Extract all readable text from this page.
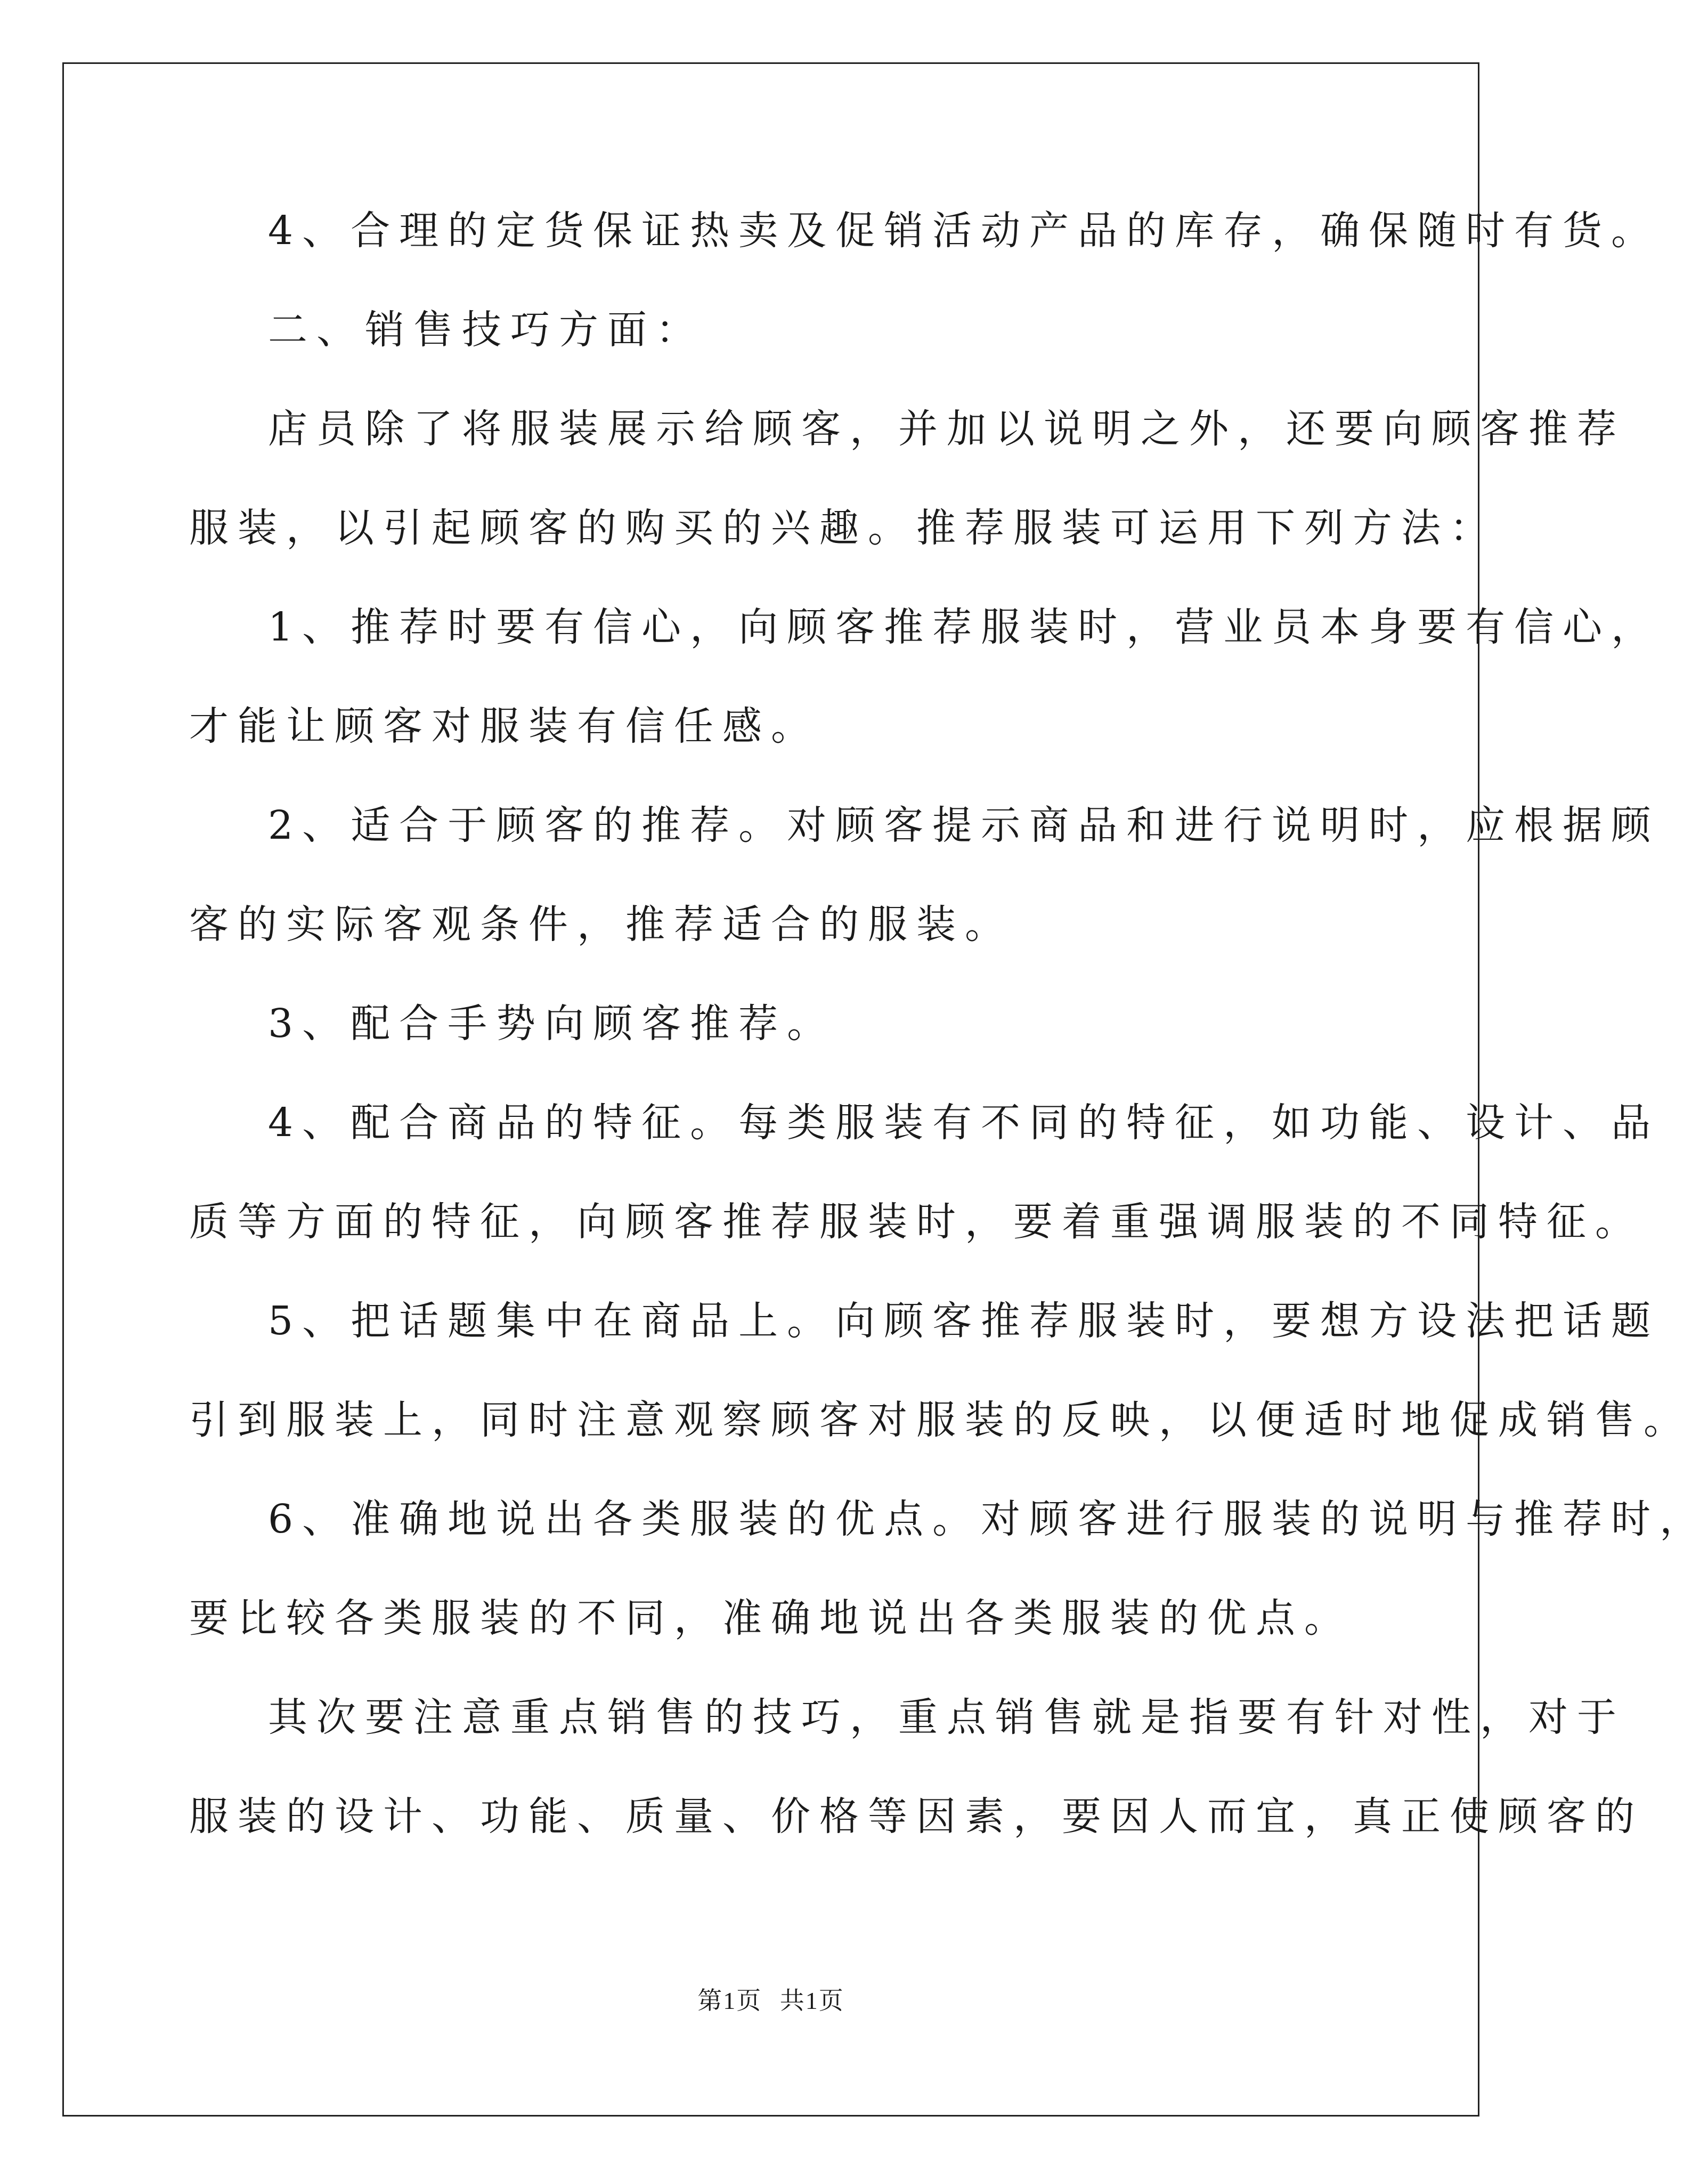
4、合理的定货保证热卖及促销活动产品的库存，确保随时有货。

二、销售技巧方面：

店员除了将服装展示给顾客，并加以说明之外，还要向顾客推荐

服装，以引起顾客的购买的兴趣。推荐服装可运用下列方法：

1、推荐时要有信心，向顾客推荐服装时，营业员本身要有信心，

才能让顾客对服装有信任感。

2、适合于顾客的推荐。对顾客提示商品和进行说明时，应根据顾

客的实际客观条件，推荐适合的服装。

3、配合手势向顾客推荐。

4、配合商品的特征。每类服装有不同的特征，如功能、设计、品

质等方面的特征，向顾客推荐服装时，要着重强调服装的不同特征。

5、把话题集中在商品上。向顾客推荐服装时，要想方设法把话题

引到服装上，同时注意观察顾客对服装的反映，以便适时地促成销售。

6、准确地说出各类服装的优点。对顾客进行服装的说明与推荐时，

要比较各类服装的不同，准确地说出各类服装的优点。

其次要注意重点销售的技巧，重点销售就是指要有针对性，对于

服装的设计、功能、质量、价格等因素，要因人而宜，真正使顾客的

第1页 共1页
